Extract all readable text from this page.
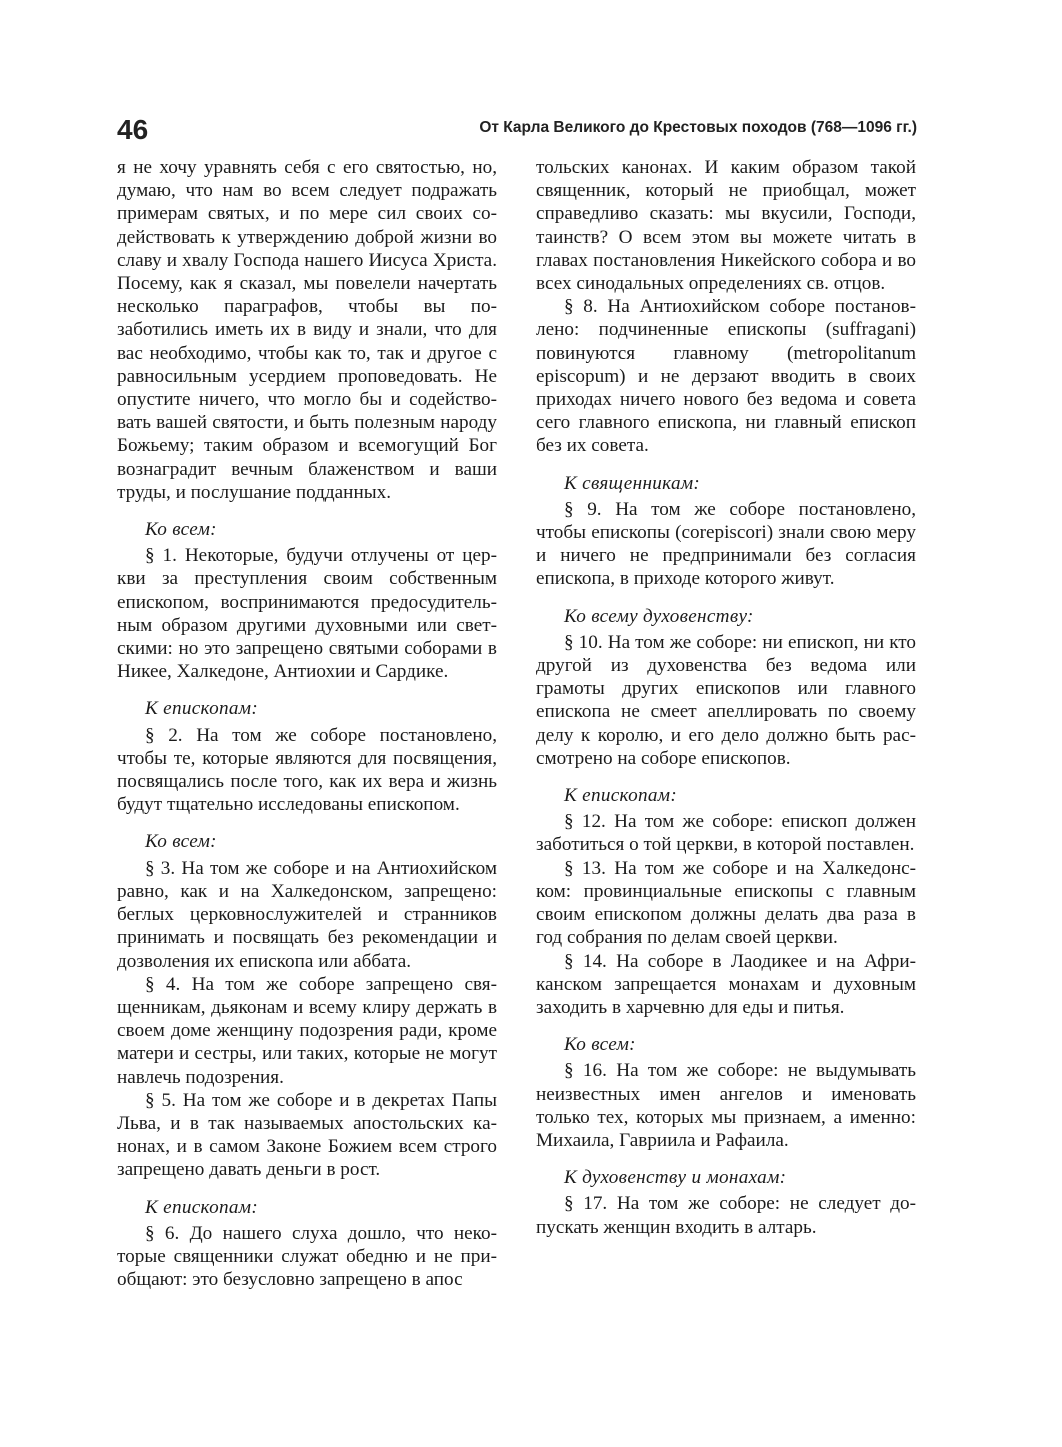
46	От Карла Великого до Крестовых походов (768—1096 гг.)

я не хочу уравнять себя с его святостью, но, думаю, что нам во всем следует подражать примерам святых, и по мере сил своих содействовать к утверждению доброй жизни во славу и хвалу Господа нашего Иисуса Христа. Посему, как я сказал, мы повелели начертать несколько параграфов, чтобы вы позаботились иметь их в виду и знали, что для вас необходимо, чтобы как то, так и другое с равносильным усердием проповедовать. Не опустите ничего, что могло бы и содействовать вашей святости, и быть полезным народу Божьему; таким образом и всемогущий Бог вознаградит вечным блаженством и ваши труды, и послушание подданных.

Ко всем:

§ 1. Некоторые, будучи отлучены от церкви за преступления своим собственным епископом, воспринимаются предосудительным образом другими духовными или светскими: но это запрещено святыми соборами в Никее, Халкедоне, Антиохии и Сардике.

К епископам:

§ 2. На том же соборе постановлено, чтобы те, которые являются для посвящения, посвящались после того, как их вера и жизнь будут тщательно исследованы епископом.

Ко всем:

§ 3. На том же соборе и на Антиохийском равно, как и на Халкедонском, запрещено: беглых церковнослужителей и странников принимать и посвящать без рекомендации и дозволения их епископа или аббата.

§ 4. На том же соборе запрещено священникам, дьяконам и всему клиру держать в своем доме женщину подозрения ради, кроме матери и сестры, или таких, которые не могут навлечь подозрения.

§ 5. На том же соборе и в декретах Папы Льва, и в так называемых апостольских канонах, и в самом Законе Божием всем строго запрещено давать деньги в рост.

К епископам:

§ 6. До нашего слуха дошло, что некоторые священники служат обедню и не приобщают: это безусловно запрещено в апос

тольских канонах. И каким образом такой священник, который не приобщал, может справедливо сказать: мы вкусили, Господи, таинств? О всем этом вы можете читать в главах постановления Никейского собора и во всех синодальных определениях св. отцов.

§ 8. На Антиохийском соборе постановлено: подчиненные епископы (suffragani) повинуются главному (metropolitanum episcopum) и не дерзают вводить в своих приходах ничего нового без ведома и совета сего главного епископа, ни главный епископ без их совета.

К священникам:

§ 9. На том же соборе постановлено, чтобы епископы (corepiscori) знали свою меру и ничего не предпринимали без согласия епископа, в приходе которого живут.

Ко всему духовенству:

§ 10. На том же соборе: ни епископ, ни кто другой из духовенства без ведома или грамоты других епископов или главного епископа не смеет апеллировать по своему делу к королю, и его дело должно быть рассмотрено на соборе епископов.

К епископам:

§ 12. На том же соборе: епископ должен заботиться о той церкви, в которой поставлен.

§ 13. На том же соборе и на Халкедонском: провинциальные епископы с главным своим епископом должны делать два раза в год собрания по делам своей церкви.

§ 14. На соборе в Лаодикее и на Африканском запрещается монахам и духовным заходить в харчевню для еды и питья.

Ко всем:

§ 16. На том же соборе: не выдумывать неизвестных имен ангелов и именовать только тех, которых мы признаем, а именно: Михаила, Гавриила и Рафаила.

К духовенству и монахам:

§ 17. На том же соборе: не следует допускать женщин входить в алтарь.
